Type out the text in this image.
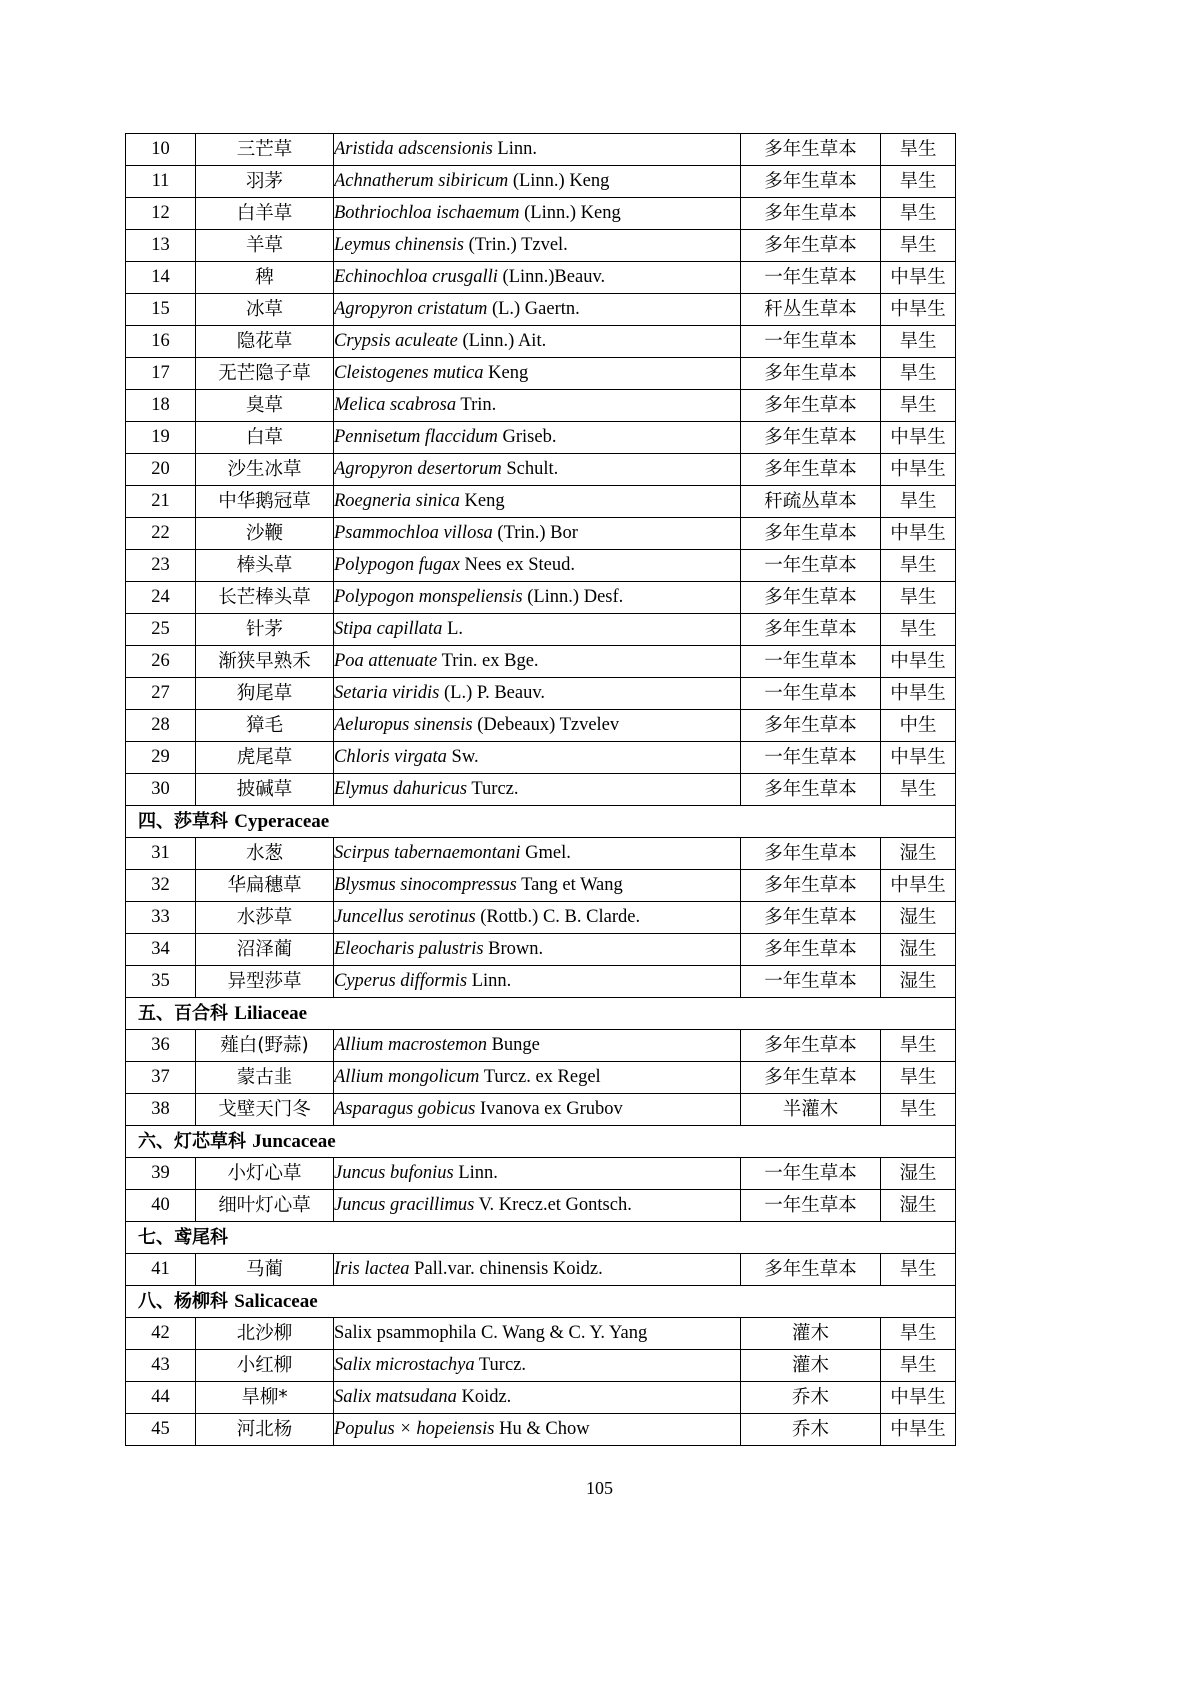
10	三芒草	Aristida adscensionis Linn.	多年生草本	旱生
11	羽茅	Achnatherum sibiricum (Linn.) Keng	多年生草本	旱生
12	白羊草	Bothriochloa ischaemum (Linn.) Keng	多年生草本	旱生
13	羊草	Leymus chinensis (Trin.) Tzvel.	多年生草本	旱生
14	稗	Echinochloa crusgalli (Linn.)Beauv.	一年生草本	中旱生
15	冰草	Agropyron cristatum (L.) Gaertn.	秆丛生草本	中旱生
16	隐花草	Crypsis aculeate (Linn.) Ait.	一年生草本	旱生
17	无芒隐子草	Cleistogenes mutica Keng	多年生草本	旱生
18	臭草	Melica scabrosa Trin.	多年生草本	旱生
19	白草	Pennisetum flaccidum Griseb.	多年生草本	中旱生
20	沙生冰草	Agropyron desertorum Schult.	多年生草本	中旱生
21	中华鹅冠草	Roegneria sinica Keng	秆疏丛草本	旱生
22	沙鞭	Psammochloa villosa (Trin.) Bor	多年生草本	中旱生
23	棒头草	Polypogon fugax Nees ex Steud.	一年生草本	旱生
24	长芒棒头草	Polypogon monspeliensis (Linn.) Desf.	多年生草本	旱生
25	针茅	Stipa capillata L.	多年生草本	旱生
26	渐狭早熟禾	Poa attenuate Trin. ex Bge.	一年生草本	中旱生
27	狗尾草	Setaria viridis (L.) P. Beauv.	一年生草本	中旱生
28	獐毛	Aeluropus sinensis (Debeaux) Tzvelev	多年生草本	中生
29	虎尾草	Chloris virgata Sw.	一年生草本	中旱生
30	披碱草	Elymus dahuricus Turcz.	多年生草本	旱生
四、莎草科 Cyperaceae				
31	水葱	Scirpus tabernaemontani Gmel.	多年生草本	湿生
32	华扁穗草	Blysmus sinocompressus Tang et Wang	多年生草本	中旱生
33	水莎草	Juncellus serotinus (Rottb.) C. B. Clarde.	多年生草本	湿生
34	沼泽蔺	Eleocharis palustris Brown.	多年生草本	湿生
35	异型莎草	Cyperus difformis Linn.	一年生草本	湿生
五、百合科 Liliaceae				
36	薤白(野蒜)	Allium macrostemon Bunge	多年生草本	旱生
37	蒙古韭	Allium mongolicum Turcz. ex Regel	多年生草本	旱生
38	戈壁天门冬	Asparagus gobicus Ivanova ex Grubov	半灌木	旱生
六、灯芯草科 Juncaceae				
39	小灯心草	Juncus bufonius Linn.	一年生草本	湿生
40	细叶灯心草	Juncus gracillimus V. Krecz.et Gontsch.	一年生草本	湿生
七、鸢尾科				
41	马蔺	Iris lactea Pall.var. chinensis Koidz.	多年生草本	旱生
八、杨柳科 Salicaceae				
42	北沙柳	Salix psammophila C. Wang & C. Y. Yang	灌木	旱生
43	小红柳	Salix microstachya Turcz.	灌木	旱生
44	旱柳*	Salix matsudana Koidz.	乔木	中旱生
45	河北杨	Populus × hopeiensis Hu & Chow	乔木	中旱生
105
